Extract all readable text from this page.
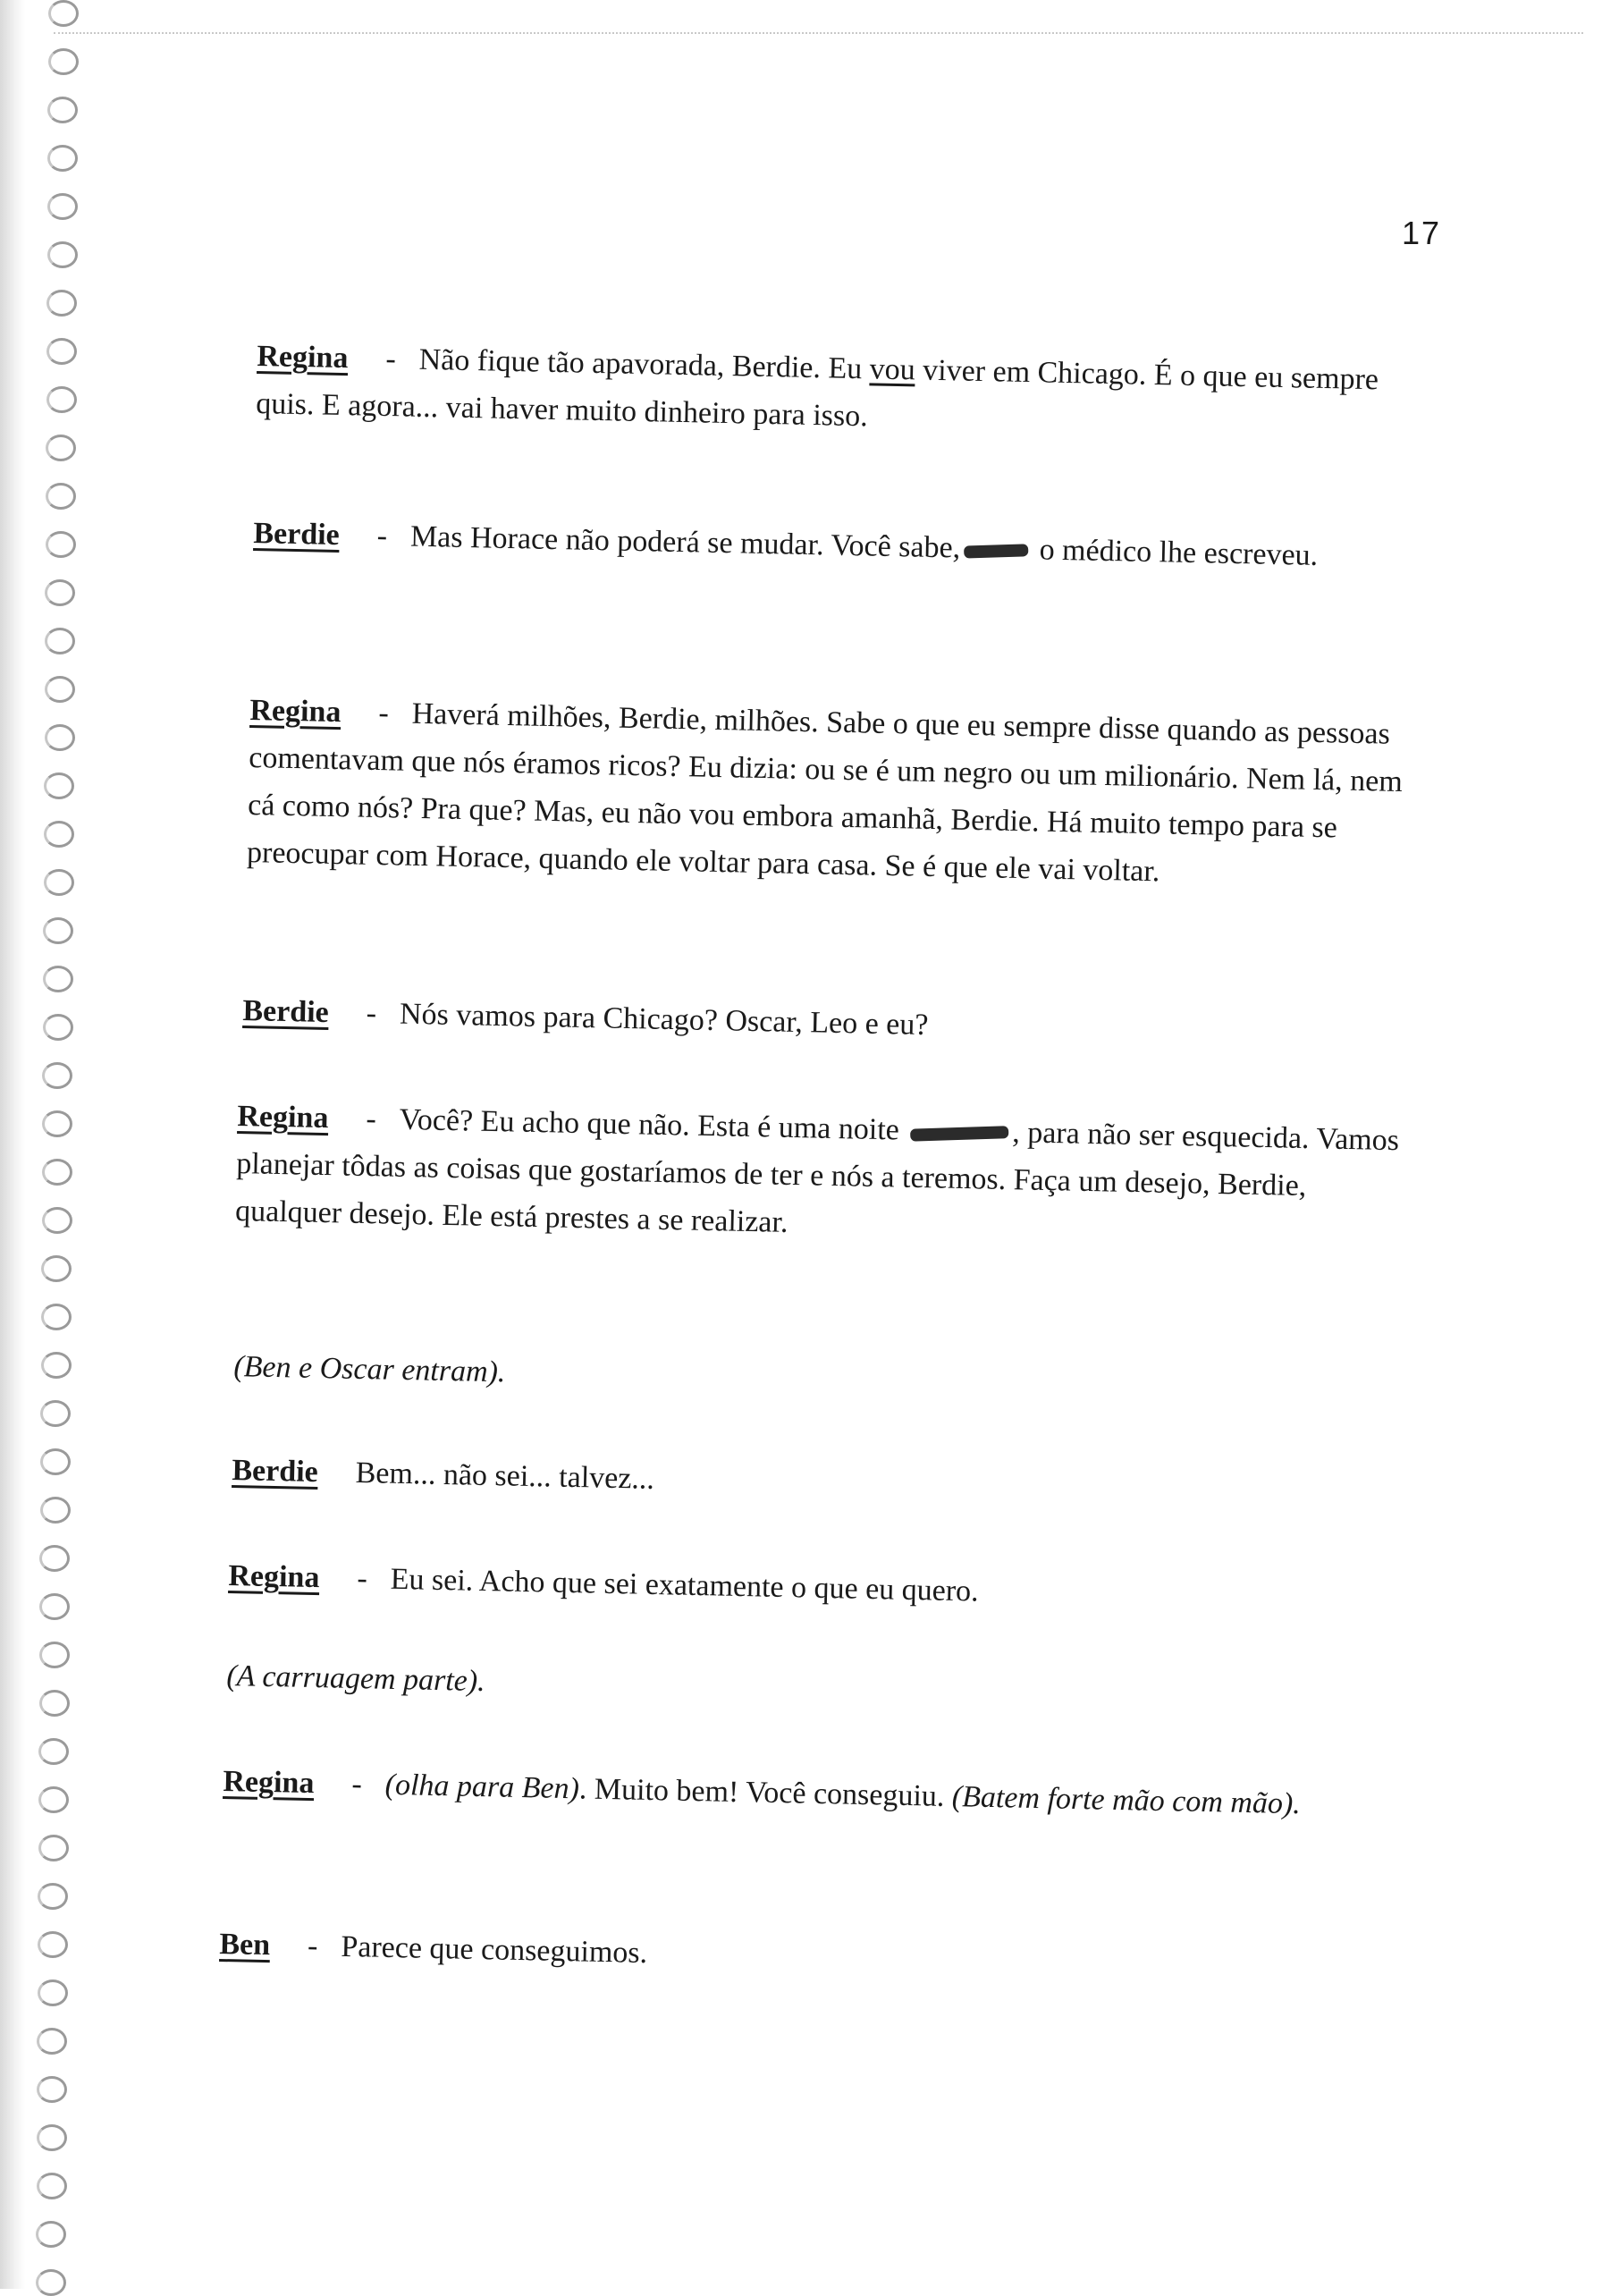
17
Regina - Não fique tão apavorada, Berdie. Eu vou viver em Chicago. É o que eu sempre quis. E agora... vai haver muito dinheiro para isso.
Berdie - Mas Horace não poderá se mudar. Você sabe, o médico lhe escreveu.
Regina - Haverá milhões, Berdie, milhões. Sabe o que eu sempre disse quando as pessoas comentavam que nós éramos ricos? Eu dizia: ou se é um negro ou um milionário. Nem lá, nem cá como nós? Pra que? Mas, eu não vou embora amanhã, Berdie. Há muito tempo para se preocupar com Horace, quando ele voltar para casa. Se é que ele vai voltar.
Berdie - Nós vamos para Chicago? Oscar, Leo e eu?
Regina - Você? Eu acho que não. Esta é uma noite	, para não ser esquecida. Vamos planejar tôdas as coisas que gostaríamos de ter e nós a teremos. Faça um desejo, Berdie, qualquer desejo. Ele está prestes a se realizar.
(Ben e Oscar entram).
Berdie Bem... não sei... talvez...
Regina - Eu sei. Acho que sei exatamente o que eu quero.
(A carruagem parte).
Regina - (olha para Ben). Muito bem! Você conseguiu. (Batem forte mão com mão).
Ben - Parece que conseguimos.
